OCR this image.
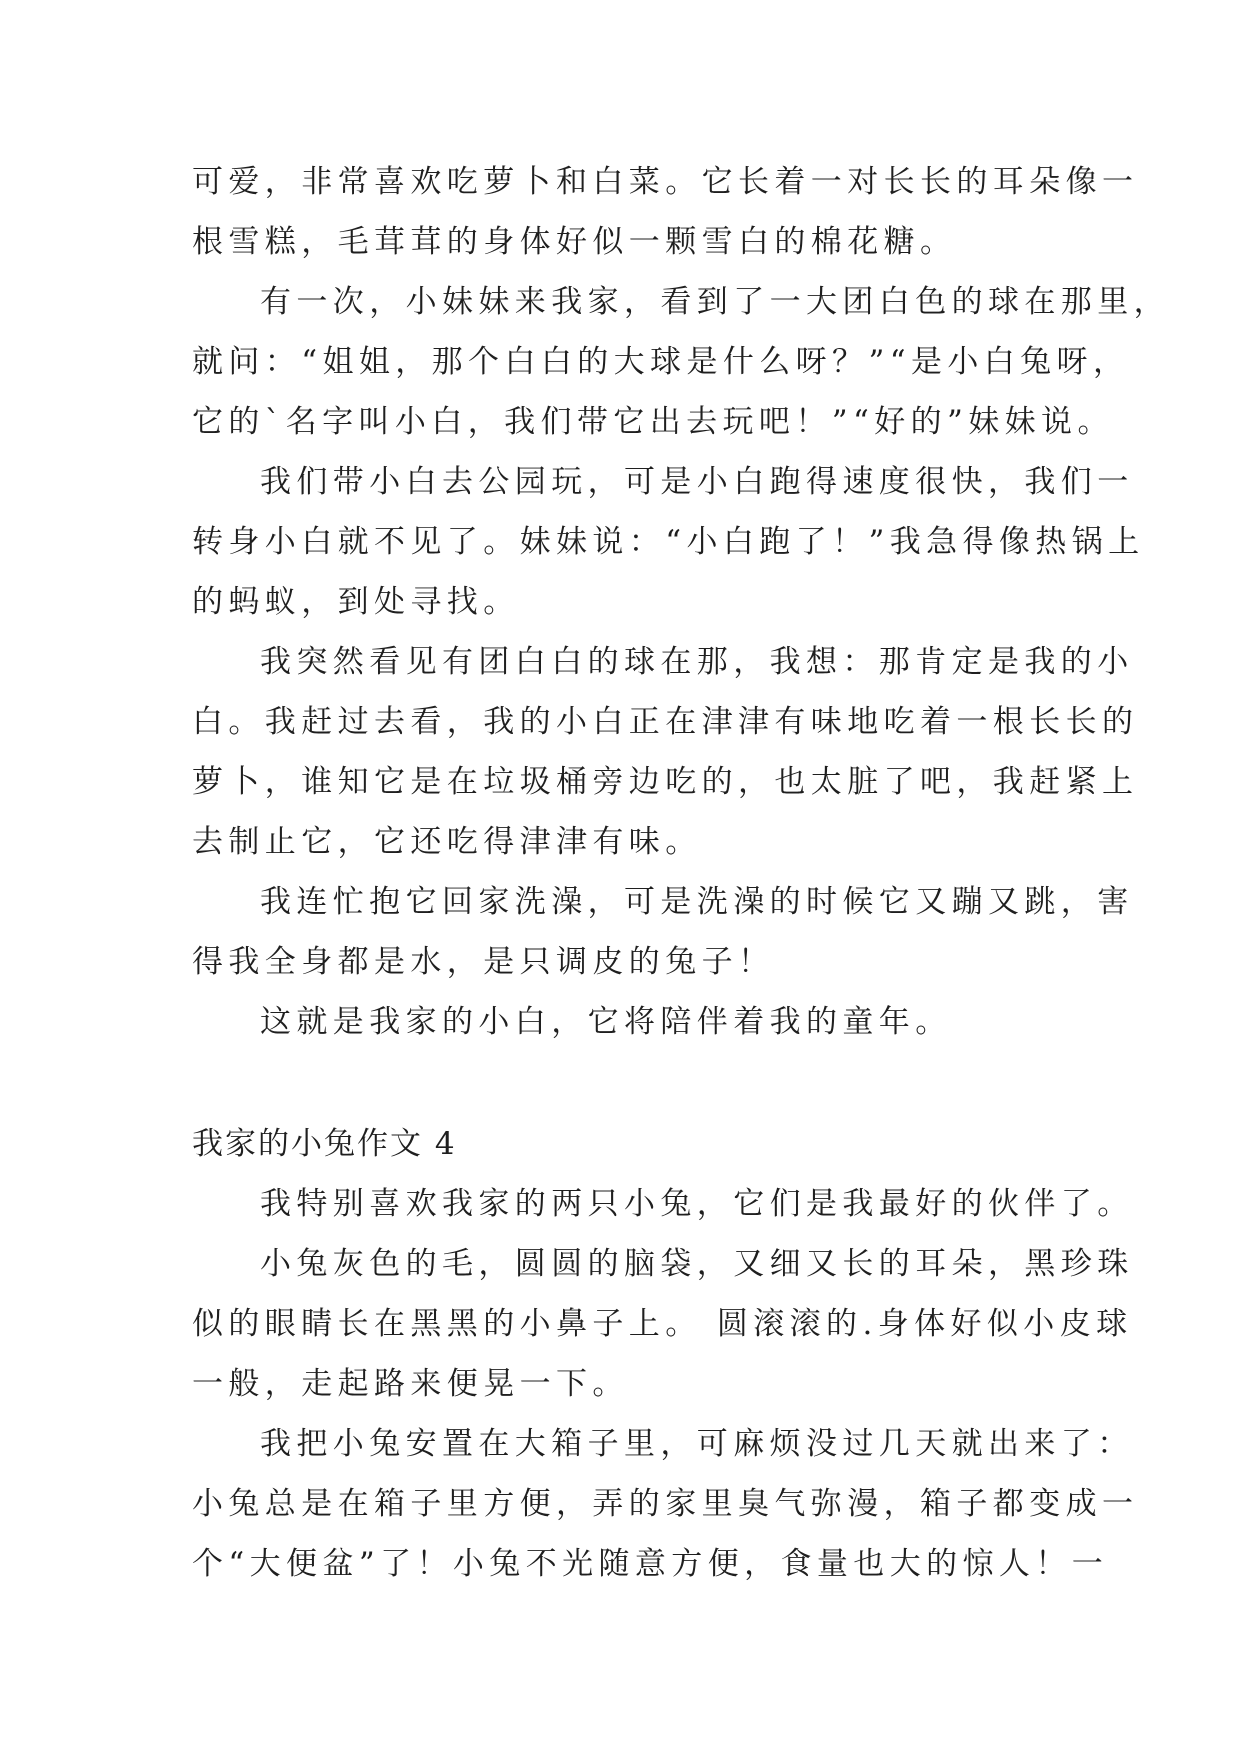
可爱，非常喜欢吃萝卜和白菜。它长着一对长长的耳朵像一
根雪糕，毛茸茸的身体好似一颗雪白的棉花糖。
有一次，小妹妹来我家，看到了一大团白色的球在那里，
就问：“姐姐，那个白白的大球是什么呀？”“是小白兔呀，
它的`名字叫小白，我们带它出去玩吧！”“好的”妹妹说。
我们带小白去公园玩，可是小白跑得速度很快，我们一
转身小白就不见了。妹妹说：“小白跑了！”我急得像热锅上
的蚂蚁，到处寻找。
我突然看见有团白白的球在那，我想：那肯定是我的小
白。我赶过去看，我的小白正在津津有味地吃着一根长长的
萝卜，谁知它是在垃圾桶旁边吃的，也太脏了吧，我赶紧上
去制止它，它还吃得津津有味。
我连忙抱它回家洗澡，可是洗澡的时候它又蹦又跳，害
得我全身都是水，是只调皮的兔子！
这就是我家的小白，它将陪伴着我的童年。
我家的小兔作文 4
我特别喜欢我家的两只小兔，它们是我最好的伙伴了。
小兔灰色的毛，圆圆的脑袋，又细又长的耳朵，黑珍珠
似的眼睛长在黑黑的小鼻子上。 圆滚滚的.身体好似小皮球
一般，走起路来便晃一下。
我把小兔安置在大箱子里，可麻烦没过几天就出来了：
小兔总是在箱子里方便，弄的家里臭气弥漫，箱子都变成一
个“大便盆”了！小兔不光随意方便，食量也大的惊人！一
